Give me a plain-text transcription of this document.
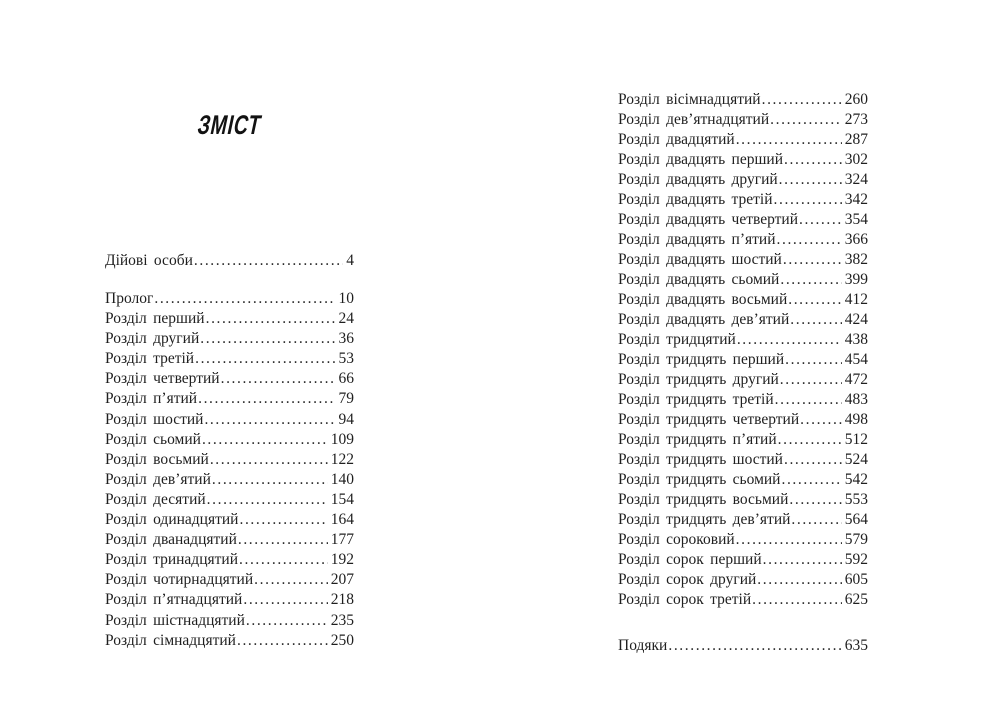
ЗМІСТ
Дійові особи .....	4
Пролог .....	10
Розділ перший .....	24
Розділ другий .....	36
Розділ третій .....	53
Розділ четвертий .....	66
Розділ п’ятий .....	79
Розділ шостий .....	94
Розділ сьомий .....	109
Розділ восьмий .....	122
Розділ дев’ятий .....	140
Розділ десятий .....	154
Розділ одинадцятий .....	164
Розділ дванадцятий .....	177
Розділ тринадцятий .....	192
Розділ чотирнадцятий .....	207
Розділ п’ятнадцятий .....	218
Розділ шістнадцятий .....	235
Розділ сімнадцятий .....	250
Розділ вісімнадцятий .....	260
Розділ дев’ятнадцятий .....	273
Розділ двадцятий .....	287
Розділ двадцять перший .....	302
Розділ двадцять другий .....	324
Розділ двадцять третій .....	342
Розділ двадцять четвертий .....	354
Розділ двадцять п’ятий .....	366
Розділ двадцять шостий .....	382
Розділ двадцять сьомий .....	399
Розділ двадцять восьмий .....	412
Розділ двадцять дев’ятий .....	424
Розділ тридцятий .....	438
Розділ тридцять перший .....	454
Розділ тридцять другий .....	472
Розділ тридцять третій .....	483
Розділ тридцять четвертий .....	498
Розділ тридцять п’ятий .....	512
Розділ тридцять шостий .....	524
Розділ тридцять сьомий .....	542
Розділ тридцять восьмий .....	553
Розділ тридцять дев’ятий .....	564
Розділ сороковий .....	579
Розділ сорок перший .....	592
Розділ сорок другий .....	605
Розділ сорок третій .....	625
Подяки .....	635
